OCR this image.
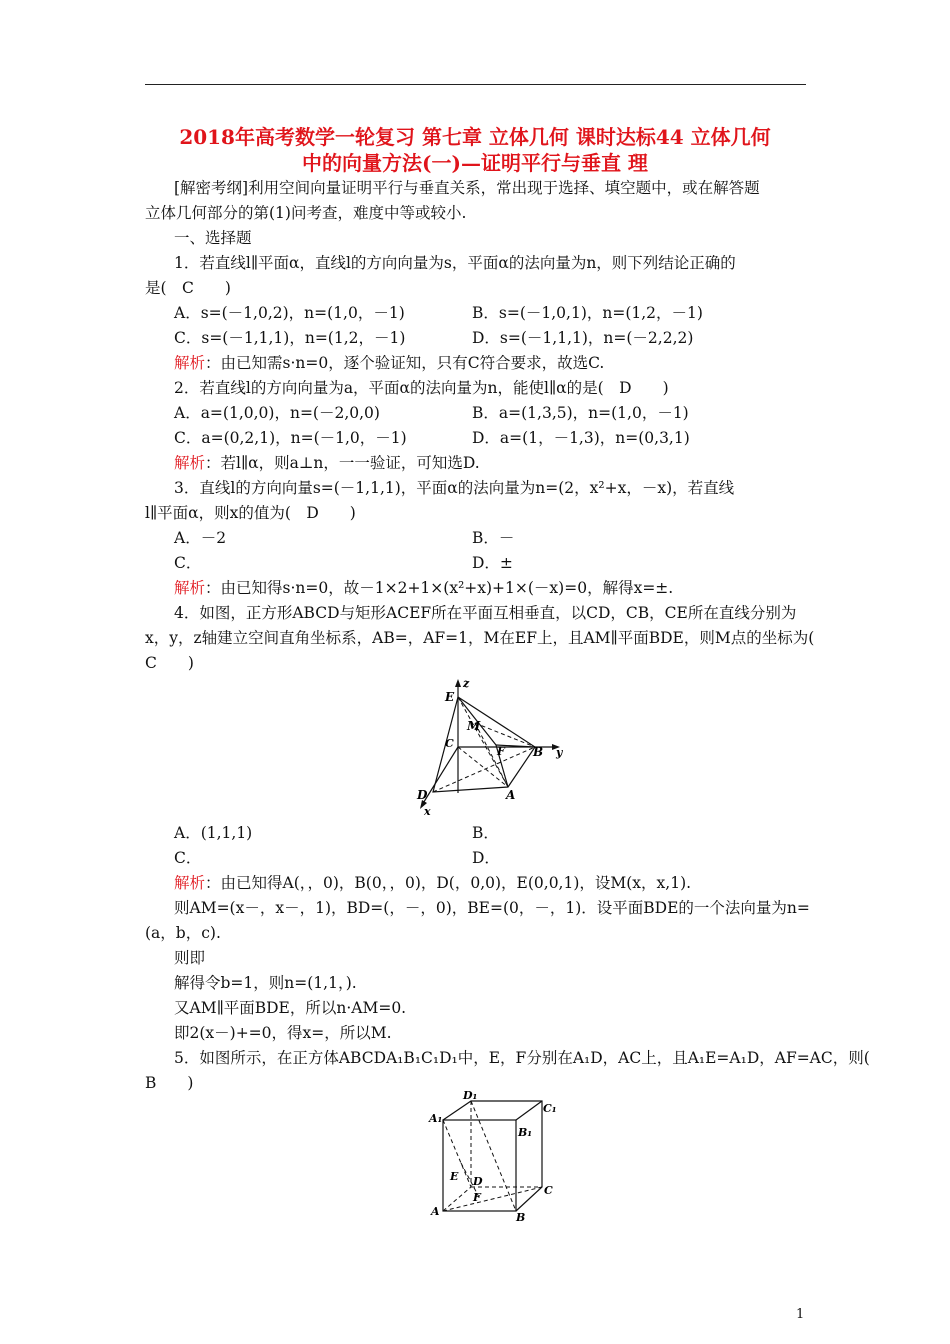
2018年高考数学一轮复习 第七章 立体几何 课时达标44 立体几何
中的向量方法(一)—证明平行与垂直 理
[解密考纲]利用空间向量证明平行与垂直关系，常出现于选择、填空题中，或在解答题
立体几何部分的第(1)问考查，难度中等或较小.
一、选择题
1．若直线l∥平面α，直线l的方向向量为s，平面α的法向量为n，则下列结论正确的
是(　C　　)
A．s=(－1,0,2)，n=(1,0，－1)	B．s=(－1,0,1)，n=(1,2，－1)
C．s=(－1,1,1)，n=(1,2，－1)	D．s=(－1,1,1)，n=(－2,2,2)
解析：由已知需s·n=0，逐个验证知，只有C符合要求，故选C.
2．若直线l的方向向量为a，平面α的法向量为n，能使l∥α的是(　D　　)
A．a=(1,0,0)，n=(－2,0,0)	B．a=(1,3,5)，n=(1,0，－1)
C．a=(0,2,1)，n=(－1,0，－1)	D．a=(1，－1,3)，n=(0,3,1)
解析：若l∥α，则a⊥n，一一验证，可知选D.
3．直线l的方向向量s=(－1,1,1)，平面α的法向量为n=(2，x²+x，－x)，若直线
l∥平面α，则x的值为(　D　　)
A．－2	B．－
C．	D．±
解析：由已知得s·n=0，故－1×2+1×(x²+x)+1×(－x)=0，解得x=±.
4．如图，正方形ABCD与矩形ACEF所在平面互相垂直，以CD，CB，CE所在直线分别为
x，y，z轴建立空间直角坐标系，AB=，AF=1，M在EF上，且AM∥平面BDE，则M点的坐标为(
C　　)
z
E
M
C
F B y
D	A
x
A．(1,1,1)	B．
C．	D．
解析：由已知得A(，，0)，B(0，，0)，D(，0,0)，E(0,0,1)，设M(x，x,1).
则AM=(x－，x－，1)，BD=(，－，0)，BE=(0，－，1)．设平面BDE的一个法向量为n=
(a，b，c).
则即
解得令b=1，则n=(1,1，).
又AM∥平面BDE，所以n·AM=0.
即2(x－)+=0，得x=，所以M.
5．如图所示，在正方体ABCDA₁B₁C₁D₁中，E，F分别在A₁D，AC上，且A₁E=A₁D，AF=AC，则(
B　　)
D₁
C₁
A₁
B₁
E D
F
C
A	B
1
